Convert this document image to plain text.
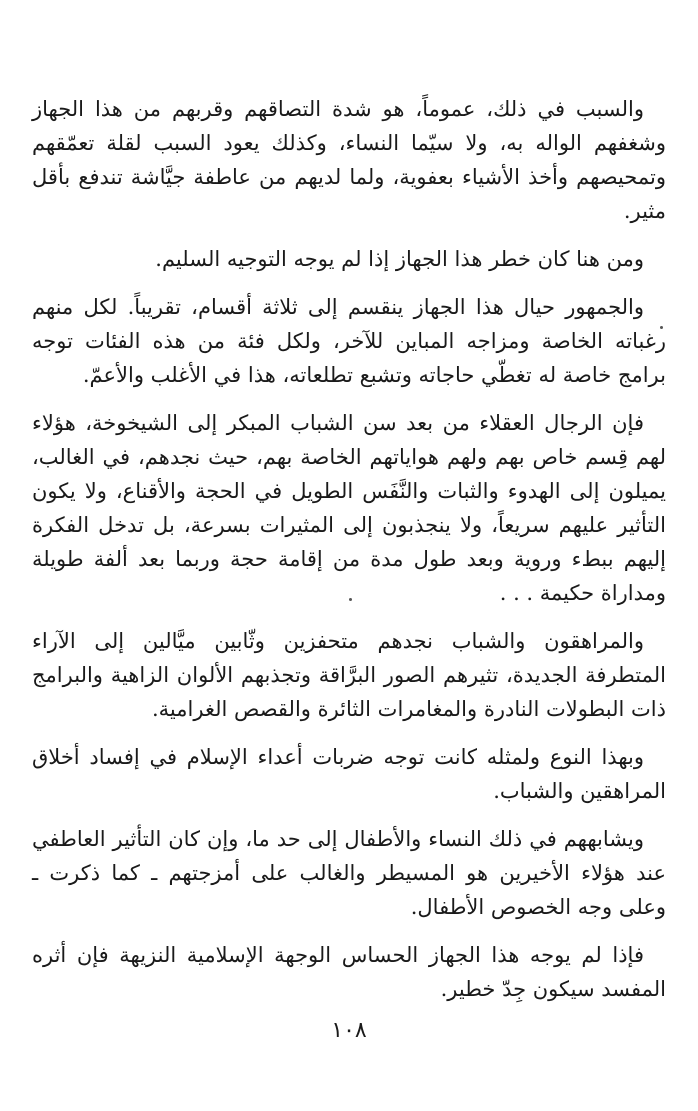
والسبب في ذلك، عموماً، هو شدة التصاقهم وقربهم من هذا الجهاز وشغفهم الواله به، ولا سيّما النساء، وكذلك يعود السبب لقلة تعمّقهم وتمحيصهم وأخذ الأشياء بعفوية، ولما لديهم من عاطفة جيَّاشة تندفع بأقل مثير.

ومن هنا كان خطر هذا الجهاز إذا لم يوجه التوجيه السليم.

والجمهور حيال هذا الجهاز ينقسم إلى ثلاثة أقسام، تقريباً. لكل منهم رغباته الخاصة ومزاجه المباين للآخر، ولكل فئة من هذه الفئات توجه برامج خاصة له تغطّي حاجاته وتشبع تطلعاته، هذا في الأغلب والأعمّ.

فإن الرجال العقلاء من بعد سن الشباب المبكر إلى الشيخوخة، هؤلاء لهم قِسم خاص بهم ولهم هواياتهم الخاصة بهم، حيث نجدهم، في الغالب، يميلون إلى الهدوء والثبات والنَّفَس الطويل في الحجة والأقناع، ولا يكون التأثير عليهم سريعاً، ولا ينجذبون إلى المثيرات بسرعة، بل تدخل الفكرة إليهم ببطء وروية وبعد طول مدة من إقامة حجة وربما بعد ألفة طويلة ومداراة حكيمة . . .

والمراهقون والشباب نجدهم متحفزين وثّابين ميَّالين إلى الآراء المتطرفة الجديدة، تثيرهم الصور البرَّاقة وتجذبهم الألوان الزاهية والبرامج ذات البطولات النادرة والمغامرات الثائرة والقصص الغرامية.

وبهذا النوع ولمثله كانت توجه ضربات أعداء الإسلام في إفساد أخلاق المراهقين والشباب.

ويشابههم في ذلك النساء والأطفال إلى حد ما، وإن كان التأثير العاطفي عند هؤلاء الأخيرين هو المسيطر والغالب على أمزجتهم ـ كما ذكرت ـ وعلى وجه الخصوص الأطفال.

فإذا لم يوجه هذا الجهاز الحساس الوجهة الإسلامية النزيهة فإن أثره المفسد سيكون جِدّ خطير.

١٠٨
